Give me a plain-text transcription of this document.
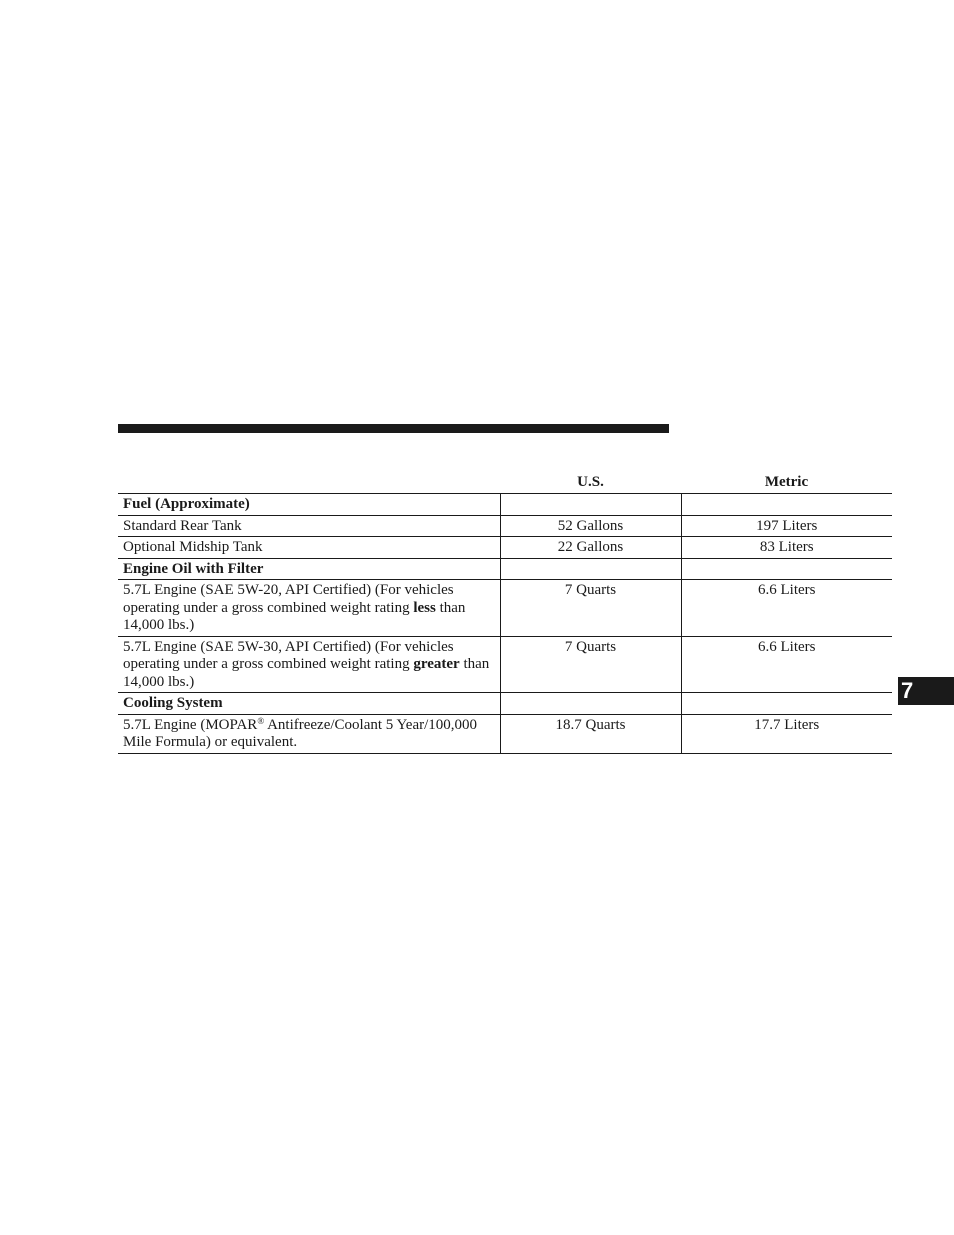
U.S.	Metric
Fuel (Approximate)		
Standard Rear Tank	52 Gallons	197 Liters
Optional Midship Tank	22 Gallons	83 Liters
Engine Oil with Filter		
5.7L Engine (SAE 5W-20, API Certified) (For vehicles operating under a gross combined weight rating less than 14,000 lbs.)	7 Quarts	6.6 Liters
5.7L Engine (SAE 5W-30, API Certified) (For vehicles operating under a gross combined weight rating greater than 14,000 lbs.)	7 Quarts	6.6 Liters
Cooling System		
5.7L Engine (MOPAR® Antifreeze/Coolant 5 Year/100,000 Mile Formula) or equivalent.	18.7 Quarts	17.7 Liters
7
